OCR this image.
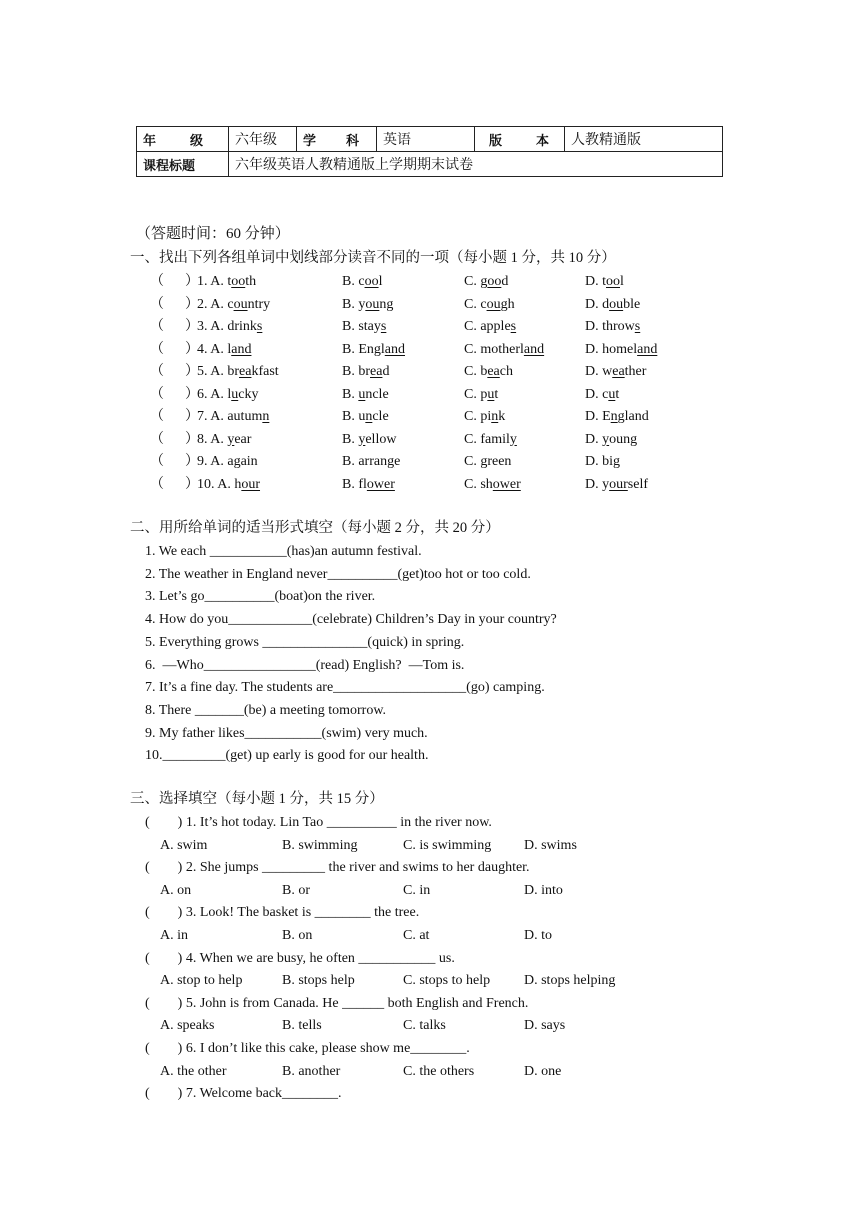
年级	六年级	学科	英语	版本	人教精通版
课程标题	六年级英语人教精通版上学期期末试卷				
（答题时间：60 分钟）
一、找出下列各组单词中划线部分读音不同的一项（每小题 1 分，共 10 分）
（      ）
1. A. tooth	B. cool	C. good	D. tool
（      ）
2. A. country	B. young	C. cough	D. double
（      ）
3. A. drinks	B. stays	C. apples	D. throws
（      ）
4. A. land	B. England	C. motherland	D. homeland
（      ）
5. A. breakfast	B. bread	C. beach	D. weather
（      ）
6. A. lucky	B. uncle	C. put	D. cut
（      ）
7. A. autumn	B. uncle	C. pink	D. England
（      ）
8. A. year	B. yellow	C. family	D. young
（      ）
9. A. again	B. arrange	C. green	D. big
（      ）
10. A. hour	B. flower	C. shower	D. yourself
二、用所给单词的适当形式填空（每小题 2 分，共 20 分）
1. We each ___________(has)an autumn festival.
2. The weather in England never__________(get)too hot or too cold.
3. Let’s go__________(boat)on the river.
4. How do you____________(celebrate) Children’s Day in your country?
5. Everything grows _______________(quick) in spring.
6.  —Who________________(read) English?  —Tom is.
7. It’s a fine day. The students are___________________(go) camping.
8. There _______(be) a meeting tomorrow.
9. My father likes___________(swim) very much.
10._________(get) up early is good for our health.
三、选择填空（每小题 1 分，共 15 分）
(        ) 1. It’s hot today. Lin Tao __________ in the river now.
A. swim	B. swimming	C. is swimming D. swims
(        ) 2. She jumps _________ the river and swims to her daughter.
A. on	B. or	C. in	D. into
(        ) 3. Look! The basket is ________ the tree.
A. in	B. on	C. at	D. to
(        ) 4. When we are busy, he often ___________ us.
A. stop to help	B. stops help	C. stops to help D. stops helping
(        ) 5. John is from Canada. He ______ both English and French.
A. speaks	B. tells	C. talks	D. says
(        ) 6. I don’t like this cake, please show me________.
A. the other	B. another	C. the others	D. one
(        ) 7. Welcome back________.
